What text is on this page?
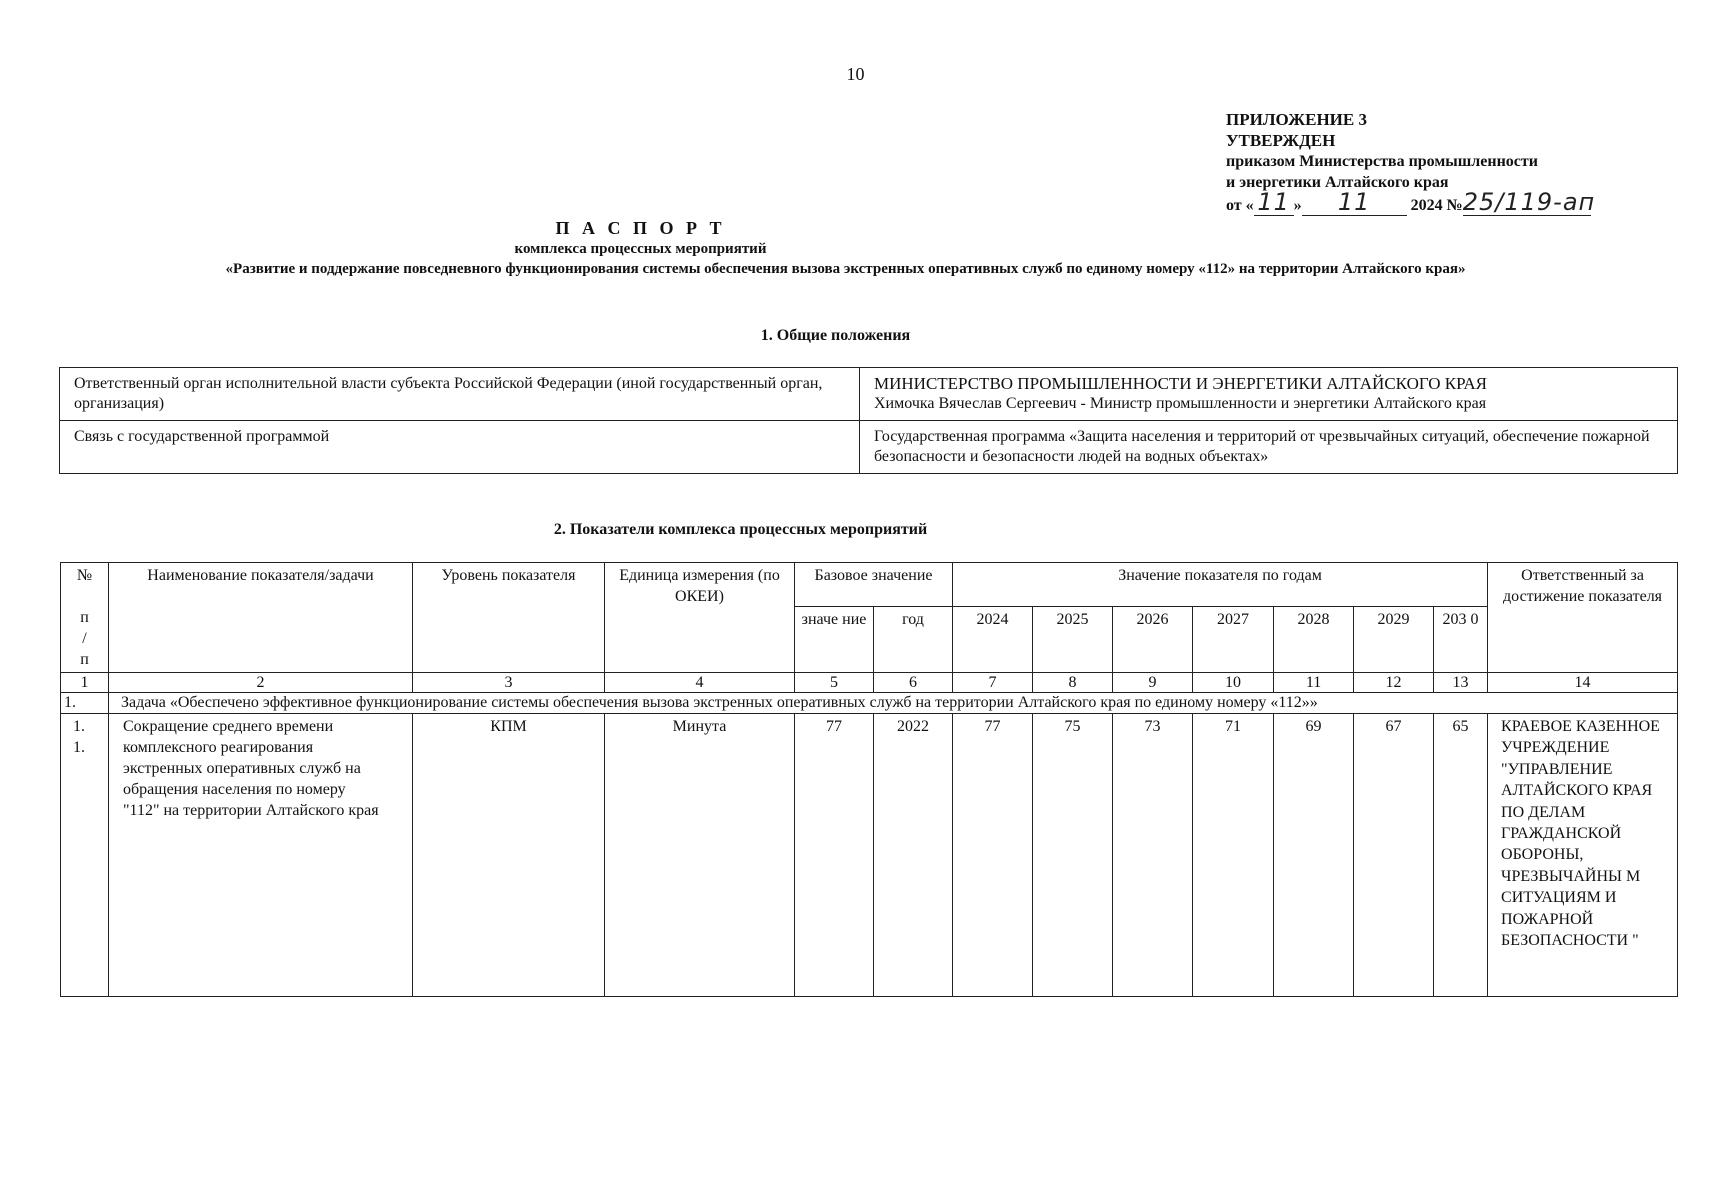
10
ПРИЛОЖЕНИЕ 3
УТВЕРЖДЕН
приказом Министерства промышленности
и энергетики Алтайского края
от « 11 » 11	2024 №25/119-ап
П А С П О Р Т
комплекса процессных мероприятий
«Развитие и поддержание повседневного функционирования системы обеспечения вызова экстренных оперативных служб по единому номеру «112» на территории Алтайского края»
1. Общие положения
Ответственный орган исполнительной власти субъекта Российской Федерации (иной государственный орган, организация)	МИНИСТЕРСТВО ПРОМЫШЛЕННОСТИ И ЭНЕРГЕТИКИ АЛТАЙСКОГО КРАЯ
Химочка Вячеслав Сергеевич - Министр промышленности и энергетики Алтайского края

Связь с государственной программой	Государственная программа «Защита населения и территорий от чрезвычайных ситуаций, обеспечение пожарной безопасности и безопасности людей на водных объектах»
2. Показатели комплекса процессных мероприятий
№

п
/
п	Наименование показателя/задачи	Уровень показателя	Единица измерения (по ОКЕИ)	Базовое значение		Значение показателя по годам							Ответственный за достижение показателя
				значе ние	год	2024	2025	2026	2027	2028	2029	203 0	
1	2	3	4	5	6	7	8	9	10	11	12	13	14
1.	Задача «Обеспечено эффективное функционирование системы обеспечения вызова экстренных оперативных служб на территории Алтайского края по единому номеру «112»»												
1.
1.	Сокращение среднего времени комплексного реагирования экстренных оперативных служб на обращения населения по номеру "112" на территории Алтайского края	КПМ	Минута	77	2022	77	75	73	71	69	67	65	КРАЕВОЕ КАЗЕННОЕ УЧРЕЖДЕНИЕ "УПРАВЛЕНИЕ АЛТАЙСКОГО КРАЯ ПО ДЕЛАМ ГРАЖДАНСКОЙ ОБОРОНЫ, ЧРЕЗВЫЧАЙНЫ М СИТУАЦИЯМ И ПОЖАРНОЙ БЕЗОПАСНОСТИ "
